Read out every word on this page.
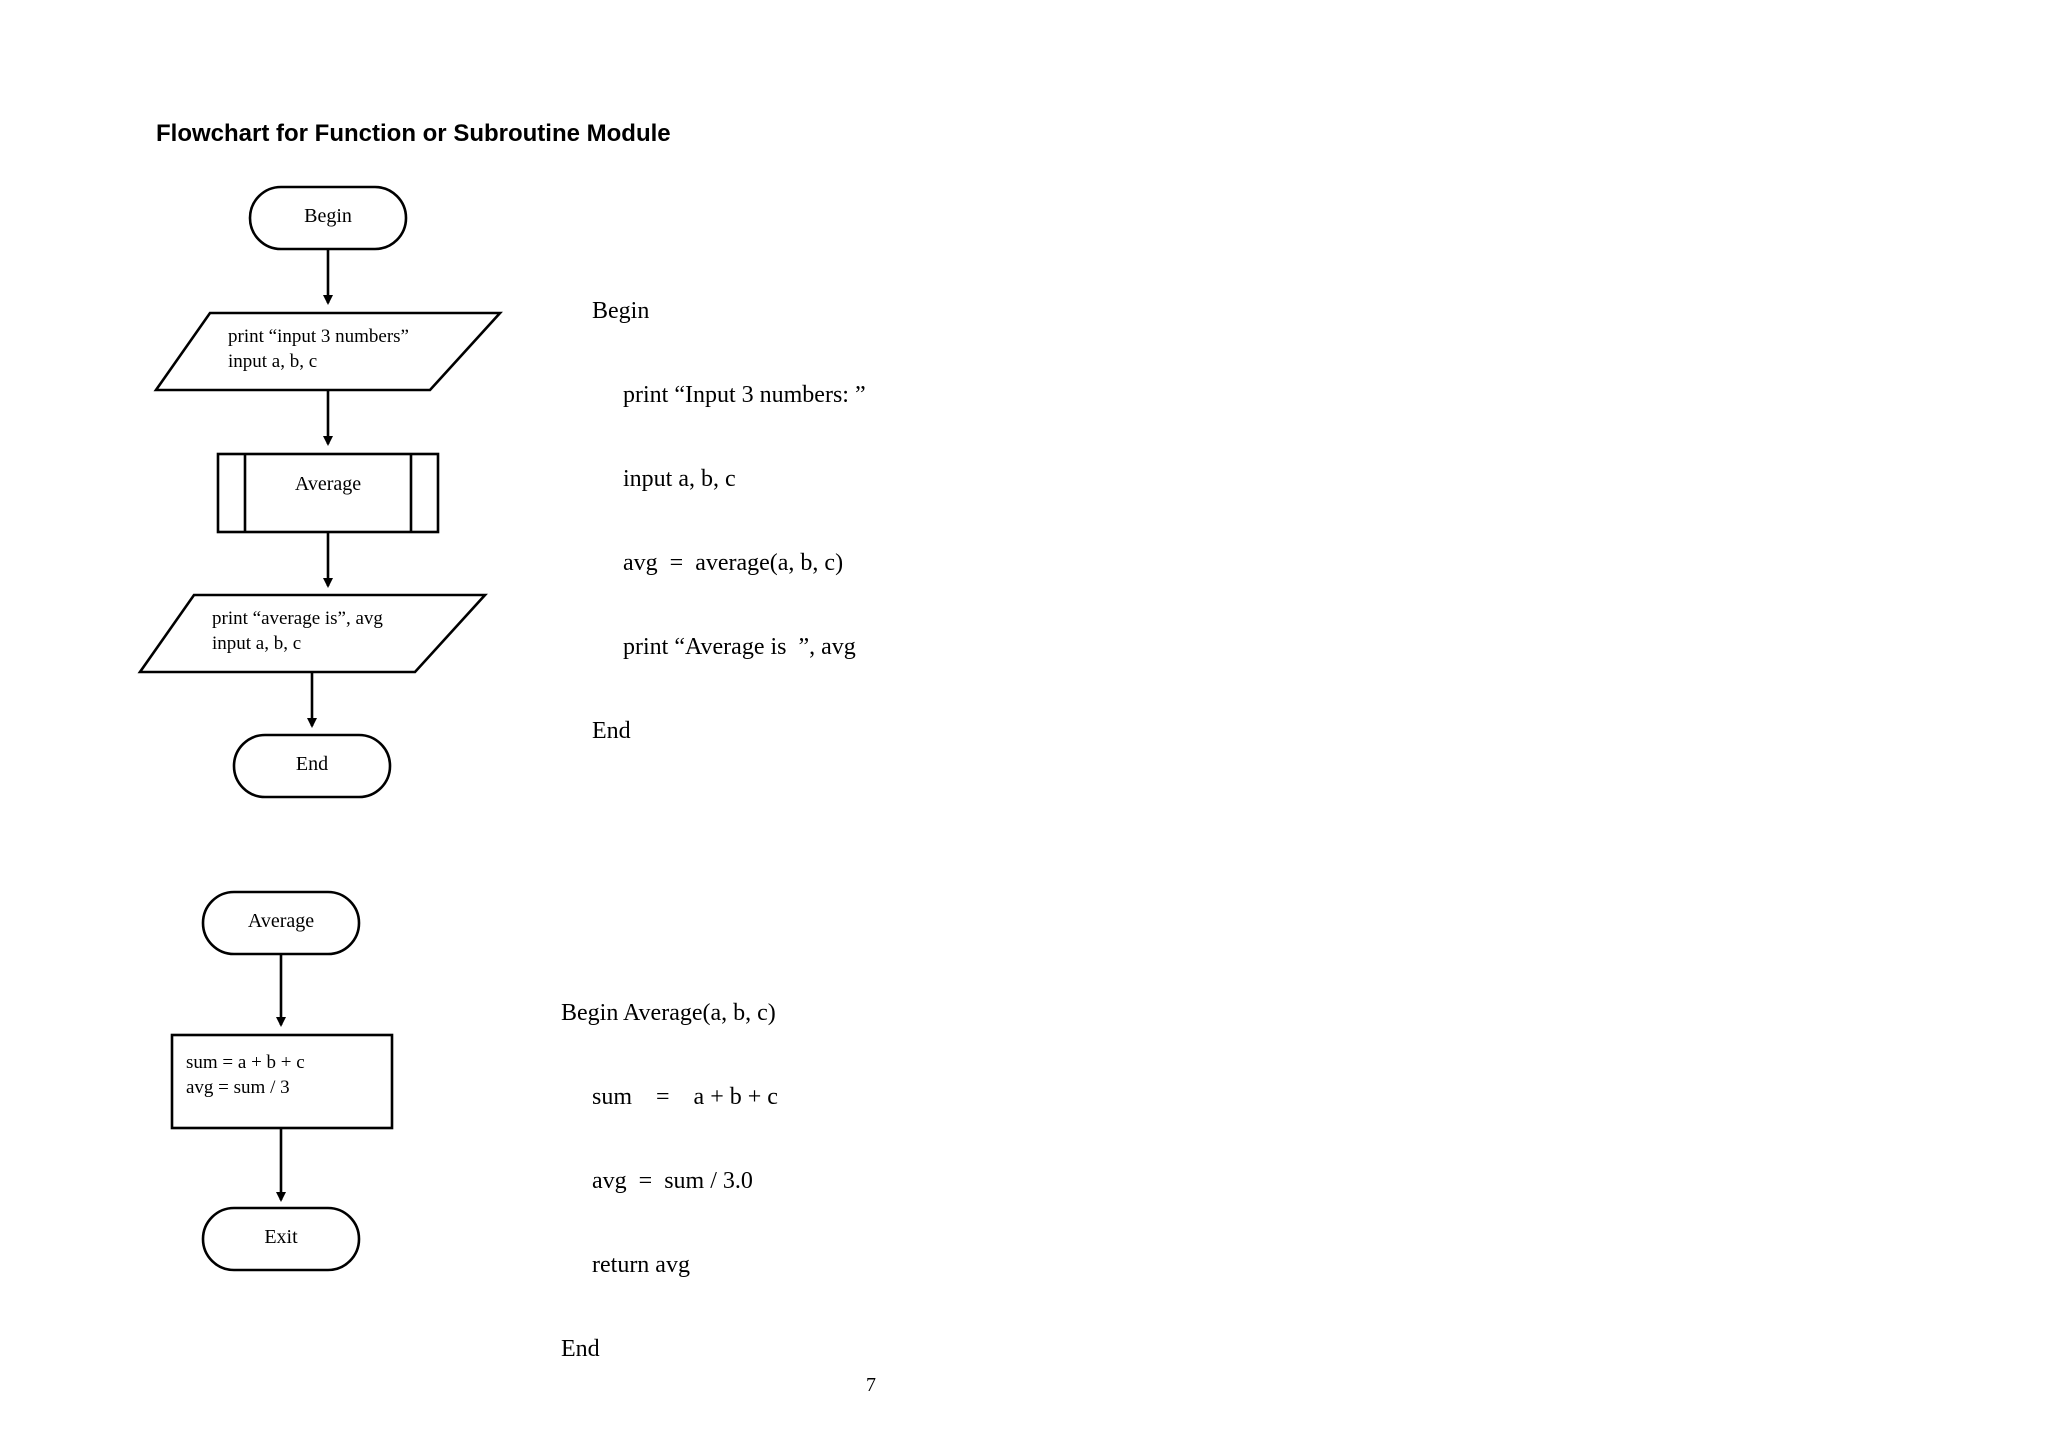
Flowchart for Function or Subroutine Module
Begin
print “input 3 numbers”
input a, b, c
Average
print “average is”, avg
input a, b, c
End
Average
sum = a + b + c
avg = sum / 3
Exit

Begin

print “Input 3 numbers: ”

input a, b, c

avg  =  average(a, b, c)

print “Average is  ”, avg

End

Begin Average(a, b, c)

sum    =    a + b + c

avg  =  sum / 3.0

return avg

End

7
